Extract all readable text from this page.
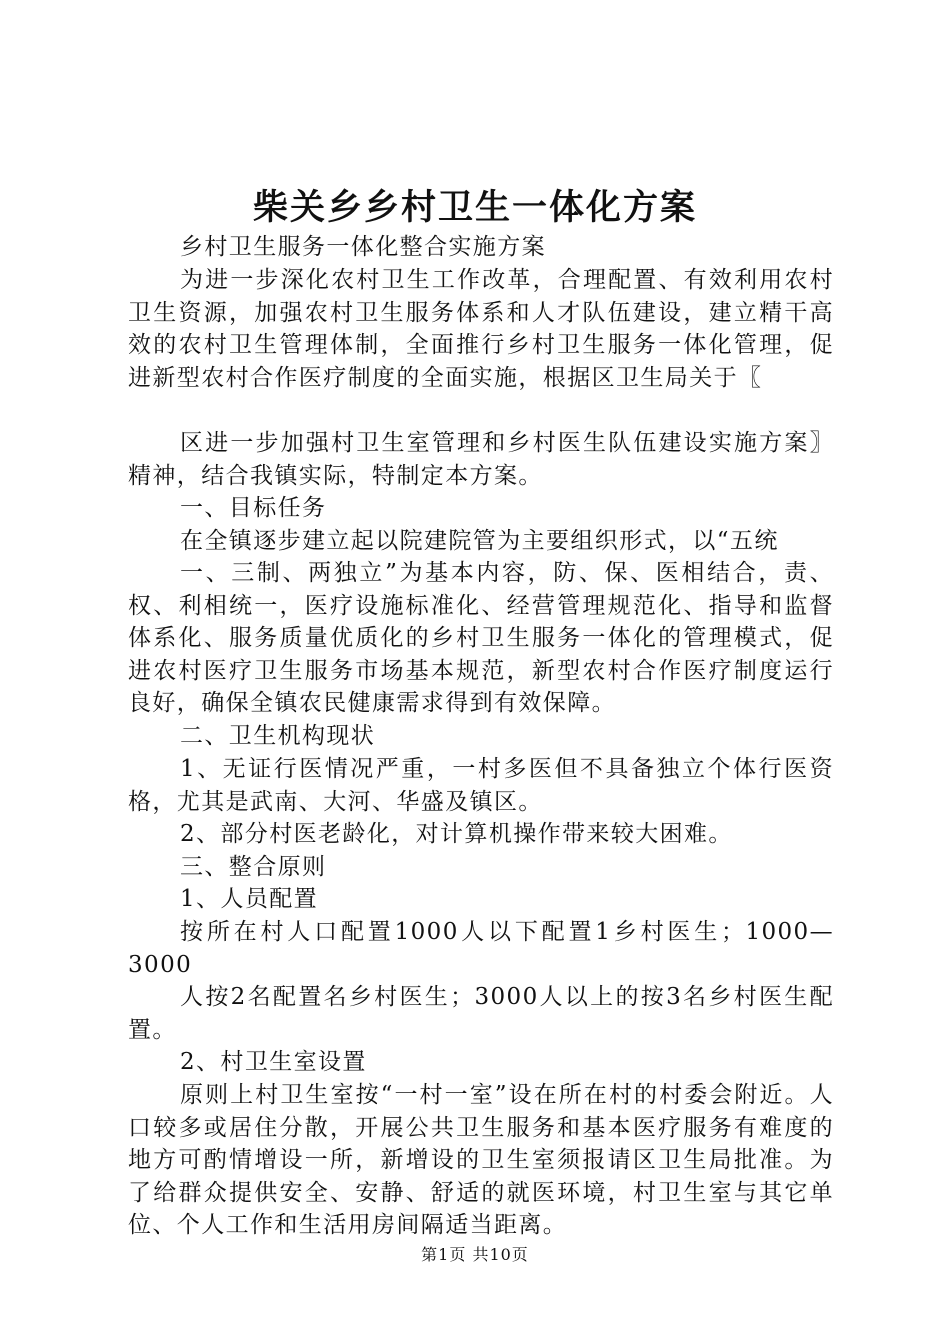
柴关乡乡村卫生一体化方案

乡村卫生服务一体化整合实施方案

为进一步深化农村卫生工作改革，合理配置、有效利用农村卫生资源，加强农村卫生服务体系和人才队伍建设，建立精干高效的农村卫生管理体制，全面推行乡村卫生服务一体化管理，促进新型农村合作医疗制度的全面实施，根据区卫生局关于〖

区进一步加强村卫生室管理和乡村医生队伍建设实施方案〗精神，结合我镇实际，特制定本方案。

一、目标任务

在全镇逐步建立起以院建院管为主要组织形式，以“五统

一、三制、两独立”为基本内容，防、保、医相结合，责、权、利相统一，医疗设施标准化、经营管理规范化、指导和监督体系化、服务质量优质化的乡村卫生服务一体化的管理模式，促进农村医疗卫生服务市场基本规范，新型农村合作医疗制度运行良好，确保全镇农民健康需求得到有效保障。

二、卫生机构现状

1、无证行医情况严重，一村多医但不具备独立个体行医资格，尤其是武南、大河、华盛及镇区。

2、部分村医老龄化，对计算机操作带来较大困难。

三、整合原则

1、人员配置

按所在村人口配置1000人以下配置1乡村医生；1000—3000

人按2名配置名乡村医生；3000人以上的按3名乡村医生配置。

2、村卫生室设置

原则上村卫生室按“一村一室”设在所在村的村委会附近。人口较多或居住分散，开展公共卫生服务和基本医疗服务有难度的地方可酌情增设一所，新增设的卫生室须报请区卫生局批准。为了给群众提供安全、安静、舒适的就医环境，村卫生室与其它单位、个人工作和生活用房间隔适当距离。

第1页 共10页
